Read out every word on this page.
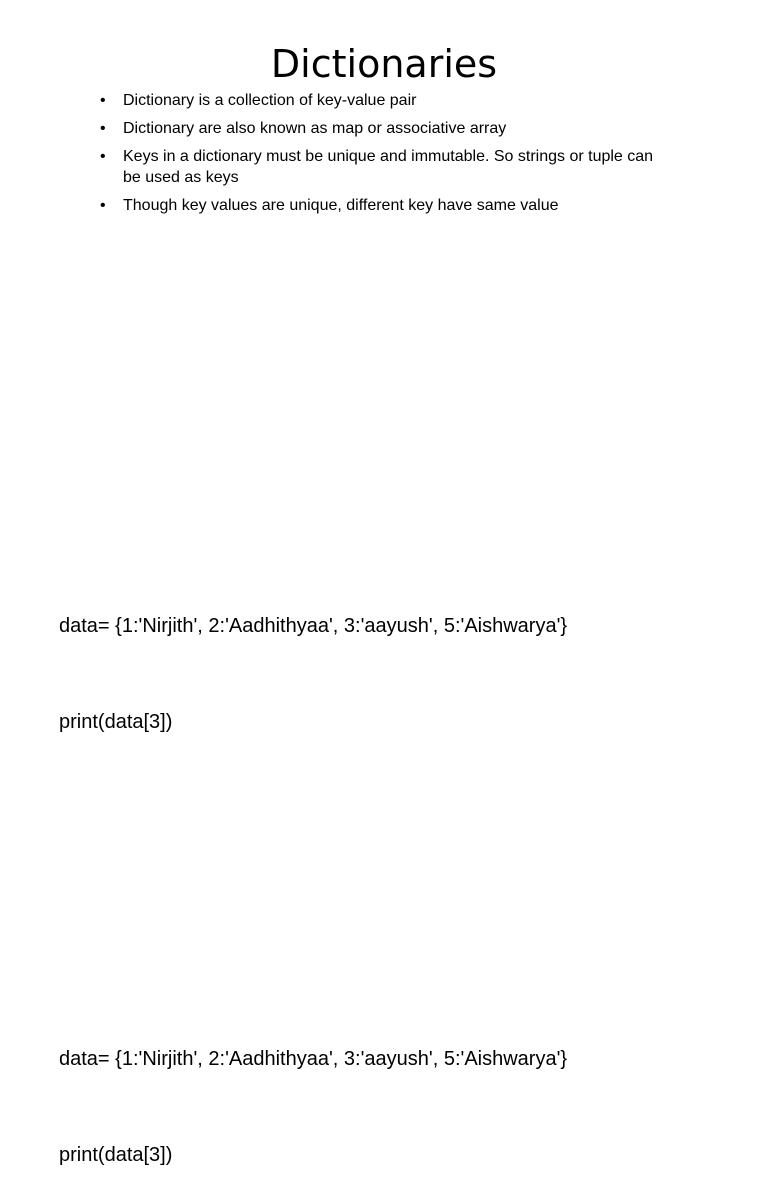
Dictionaries
• Dictionary is a collection of key-value pair
• Dictionary are also known as map or associative array
• Keys in a dictionary must be unique and immutable. So strings or tuple can be used as keys
• Though key values are unique, different key have same value

data= {1:'Nirjith', 2:'Aadhithyaa', 3:'aayush', 5:'Aishwarya'}

print(data[3])

data= {1:'Nirjith', 2:'Aadhithyaa', 3:'aayush', 5:'Aishwarya'}

print(data[3])
